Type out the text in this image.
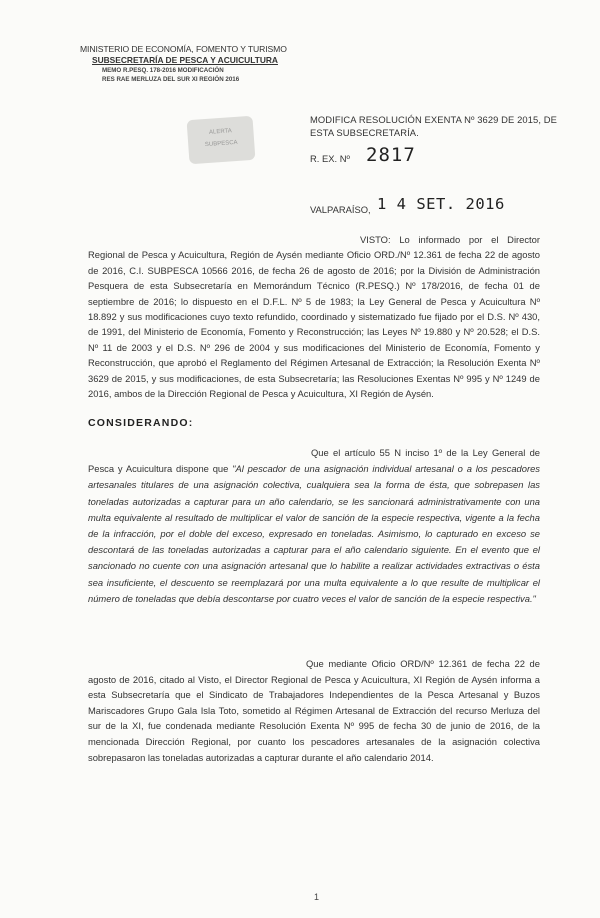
MINISTERIO DE ECONOMÍA, FOMENTO Y TURISMO
SUBSECRETARÍA DE PESCA Y ACUICULTURA
MEMO R.PESQ. 178-2016 MODIFICACIÓN
RES RAE MERLUZA DEL SUR XI REGIÓN 2016
ALERTA
SUBPESCA
MODIFICA RESOLUCIÓN EXENTA Nº 3629 DE 2015, DE ESTA SUBSECRETARÍA.
R. EX. Nº 2817
VALPARAÍSO, 1 4 SET. 2016
VISTO: Lo informado por el Director Regional de Pesca y Acuicultura, Región de Aysén mediante Oficio ORD./Nº 12.361 de fecha 22 de agosto de 2016, C.I. SUBPESCA 10566 2016, de fecha 26 de agosto de 2016; por la División de Administración Pesquera de esta Subsecretaría en Memorándum Técnico (R.PESQ.) Nº 178/2016, de fecha 01 de septiembre de 2016; lo dispuesto en el D.F.L. Nº 5 de 1983; la Ley General de Pesca y Acuicultura Nº 18.892 y sus modificaciones cuyo texto refundido, coordinado y sistematizado fue fijado por el D.S. Nº 430, de 1991, del Ministerio de Economía, Fomento y Reconstrucción; las Leyes Nº 19.880 y Nº 20.528; el D.S. Nº 11 de 2003 y el D.S. Nº 296 de 2004 y sus modificaciones del Ministerio de Economía, Fomento y Reconstrucción, que aprobó el Reglamento del Régimen Artesanal de Extracción; la Resolución Exenta Nº 3629 de 2015, y sus modificaciones, de esta Subsecretaría; las Resoluciones Exentas Nº 995 y Nº 1249 de 2016, ambos de la Dirección Regional de Pesca y Acuicultura, XI Región de Aysén.
CONSIDERANDO:
Que el artículo 55 N inciso 1º de la Ley General de Pesca y Acuicultura dispone que "Al pescador de una asignación individual artesanal o a los pescadores artesanales titulares de una asignación colectiva, cualquiera sea la forma de ésta, que sobrepasen las toneladas autorizadas a capturar para un año calendario, se les sancionará administrativamente con una multa equivalente al resultado de multiplicar el valor de sanción de la especie respectiva, vigente a la fecha de la infracción, por el doble del exceso, expresado en toneladas. Asimismo, lo capturado en exceso se descontará de las toneladas autorizadas a capturar para el año calendario siguiente. En el evento que el sancionado no cuente con una asignación artesanal que lo habilite a realizar actividades extractivas o ésta sea insuficiente, el descuento se reemplazará por una multa equivalente a lo que resulte de multiplicar el número de toneladas que debía descontarse por cuatro veces el valor de sanción de la especie respectiva."
Que mediante Oficio ORD/Nº 12.361 de fecha 22 de agosto de 2016, citado al Visto, el Director Regional de Pesca y Acuicultura, XI Región de Aysén informa a esta Subsecretaría que el Sindicato de Trabajadores Independientes de la Pesca Artesanal y Buzos Mariscadores Grupo Gala Isla Toto, sometido al Régimen Artesanal de Extracción del recurso Merluza del sur de la XI, fue condenada mediante Resolución Exenta Nº 995 de fecha 30 de junio de 2016, de la mencionada Dirección Regional, por cuanto los pescadores artesanales de la asignación colectiva sobrepasaron las toneladas autorizadas a capturar durante el año calendario 2014.
1
